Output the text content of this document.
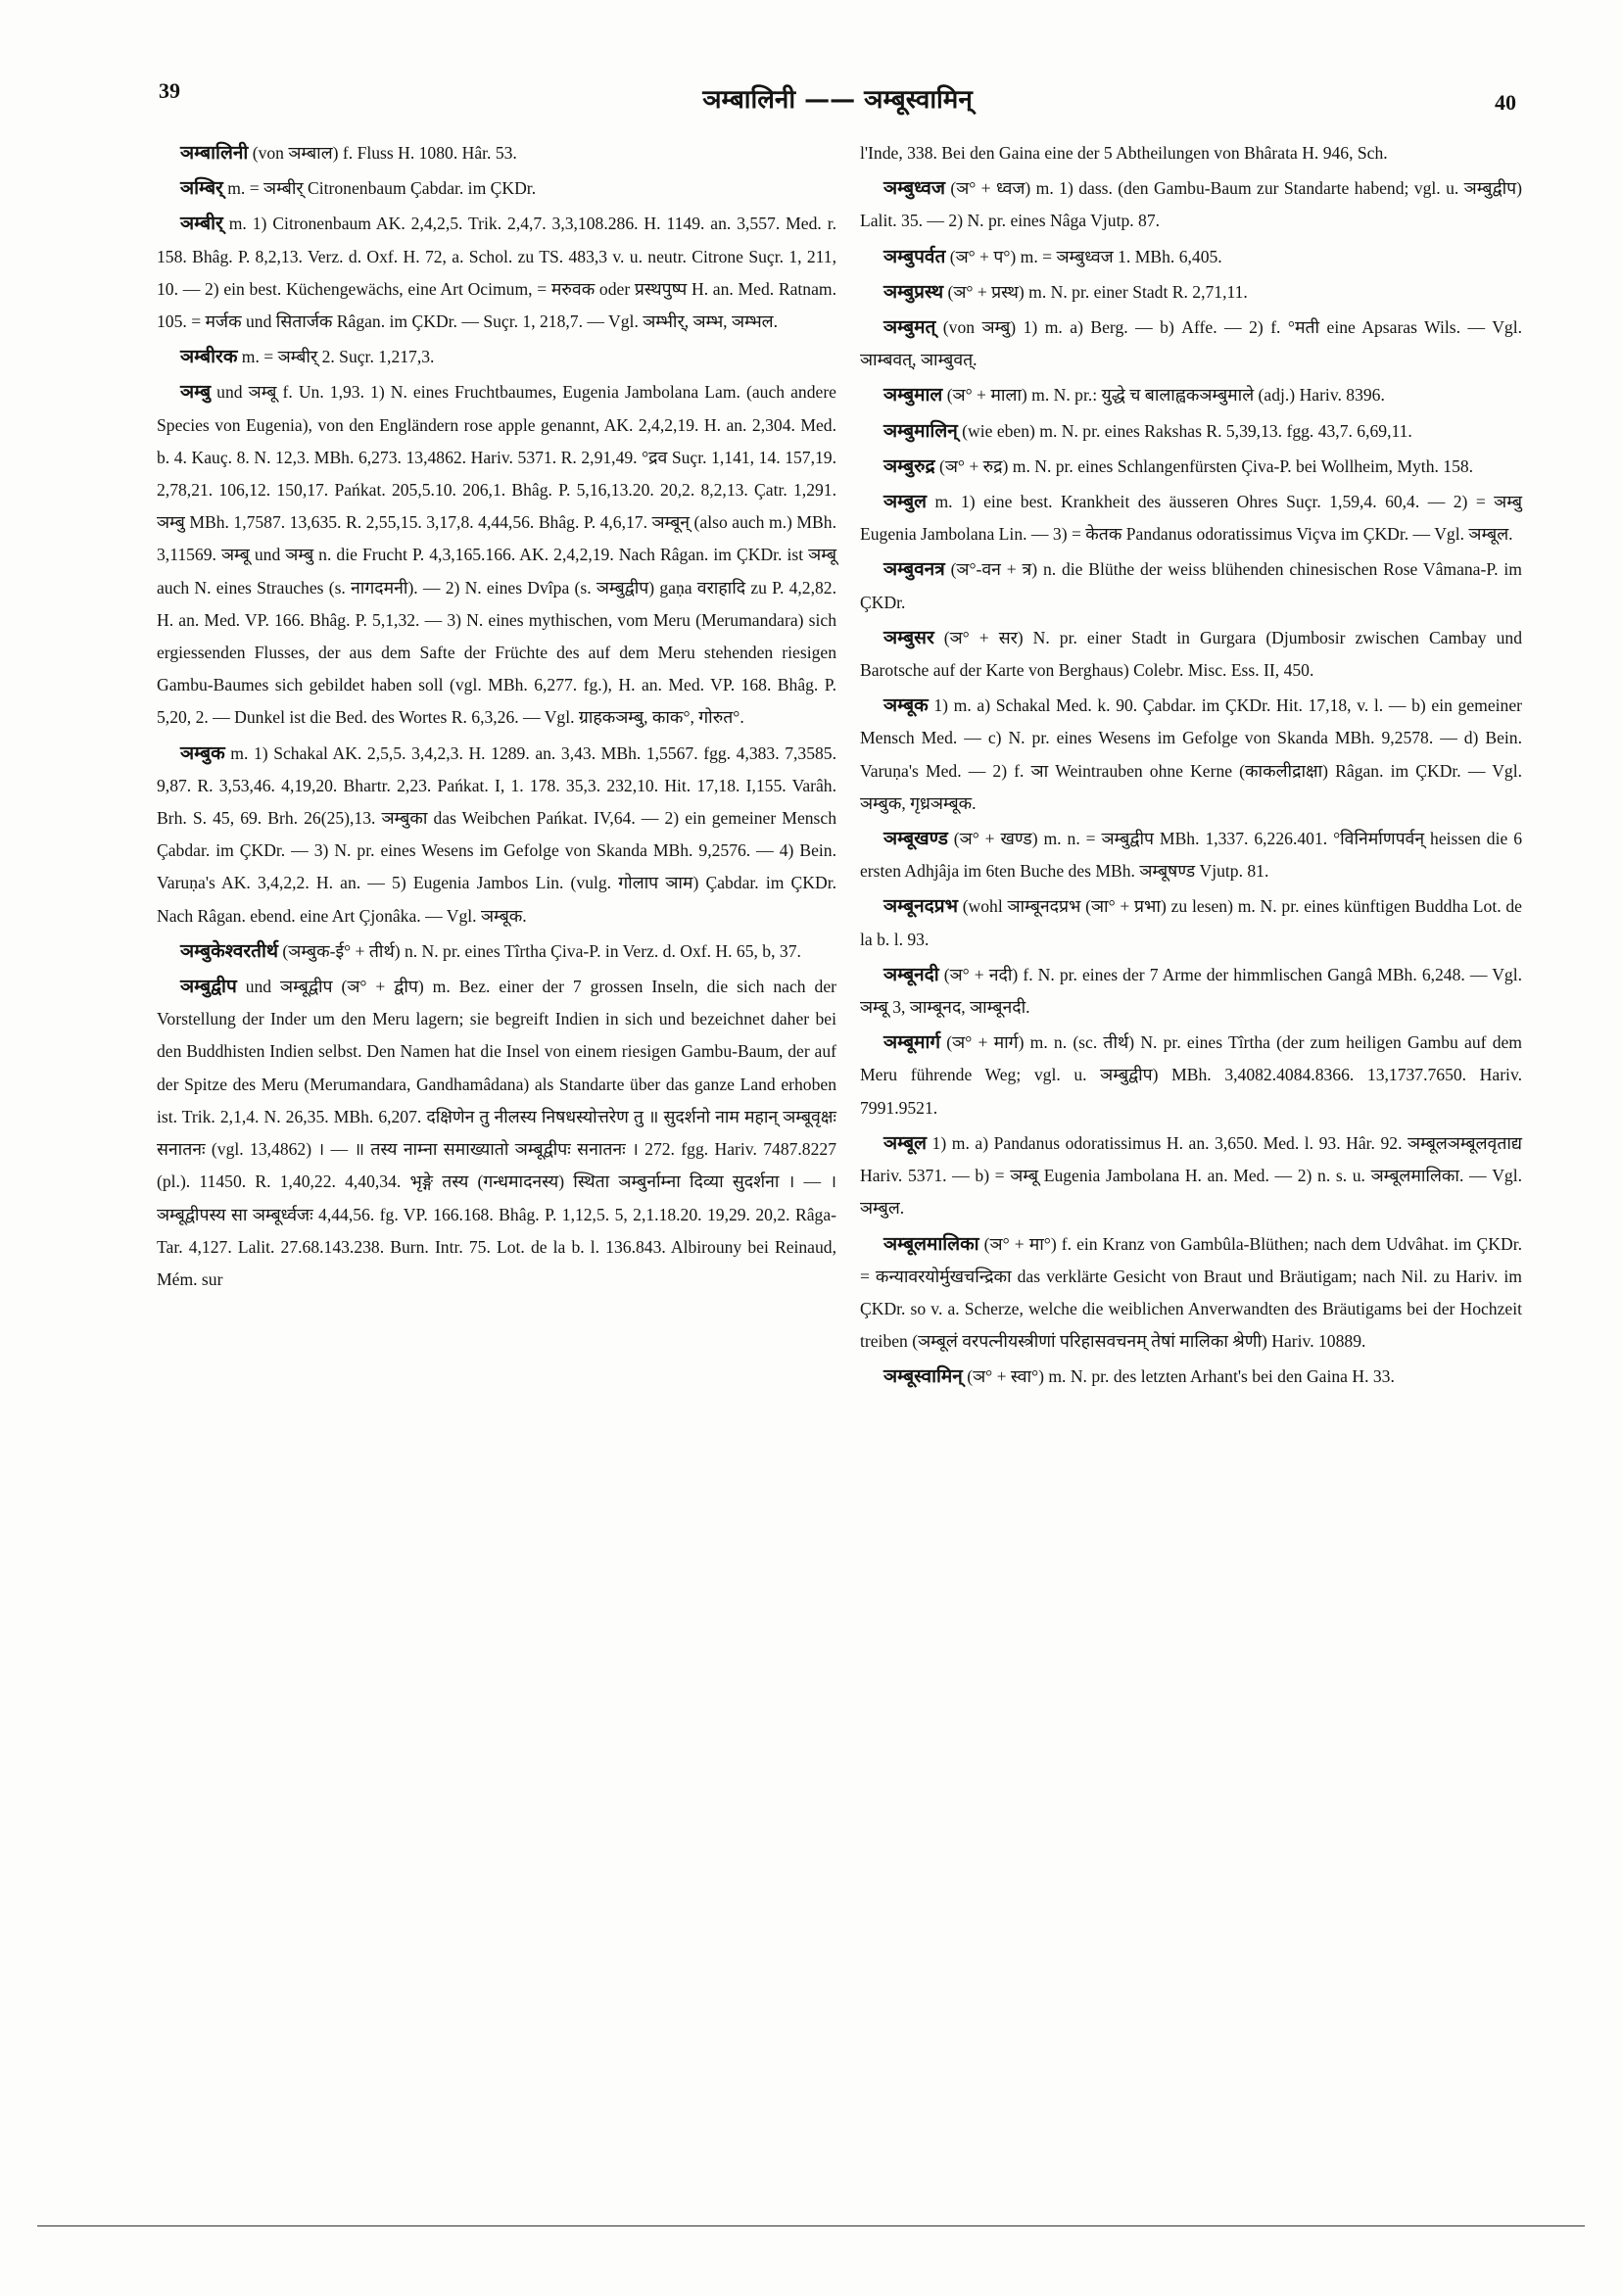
39	ञम्बालिनी —— ञम्बूस्वामिन्	40

ञम्बालिनी (von ञम्बाल) f. Fluss H. 1080. Hâr. 53.

ञम्बिर् m. = ञम्बीर् Citronenbaum Çabdar. im ÇKDr.

ञम्बीर् m. 1) Citronenbaum AK. 2,4,2,5. Trik. 2,4,7. 3,3,108.286. H. 1149. an. 3,557. Med. r. 158. Bhâg. P. 8,2,13. Verz. d. Oxf. H. 72, a. Schol. zu TS. 483,3 v. u. neutr. Citrone Suçr. 1, 211, 10. — 2) ein best. Küchengewächs, eine Art Ocimum, = मरुवक oder प्रस्थपुष्प H. an. Med. Ratnam. 105. = मर्जक und सितार्जक Râgan. im ÇKDr. — Suçr. 1, 218,7. — Vgl. ञम्भीर्, ञम्भ, ञम्भल.

ञम्बीरक m. = ञम्बीर् 2. Suçr. 1,217,3.

ञम्बु und ञम्बू f. Un. 1,93. 1) N. eines Fruchtbaumes, Eugenia Jambolana Lam. (auch andere Species von Eugenia), von den Engländern rose apple genannt, AK. 2,4,2,19. H. an. 2,304. Med. b. 4. Kauç. 8. N. 12,3. MBh. 6,273. 13,4862. Hariv. 5371. R. 2,91,49. °द्रव Suçr. 1,141, 14. 157,19. 2,78,21. 106,12. 150,17. Pańkat. 205,5.10. 206,1. Bhâg. P. 5,16,13.20. 20,2. 8,2,13. Çatr. 1,291. ञम्बु MBh. 1,7587. 13,635. R. 2,55,15. 3,17,8. 4,44,56. Bhâg. P. 4,6,17. ञम्बून् (also auch m.) MBh. 3,11569. ञम्बू und ञम्बु n. die Frucht P. 4,3,165.166. AK. 2,4,2,19. Nach Râgan. im ÇKDr. ist ञम्बू auch N. eines Strauches (s. नागदमनी). — 2) N. eines Dvîpa (s. ञम्बुद्वीप) gaṇa वराहादि zu P. 4,2,82. H. an. Med. VP. 166. Bhâg. P. 5,1,32. — 3) N. eines mythischen, vom Meru (Merumandara) sich ergiessenden Flusses, der aus dem Safte der Früchte des auf dem Meru stehenden riesigen Gambu-Baumes sich gebildet haben soll (vgl. MBh. 6,277. fg.), H. an. Med. VP. 168. Bhâg. P. 5,20, 2. — Dunkel ist die Bed. des Wortes R. 6,3,26. — Vgl. ग्राहकञम्बु, काक°, गोरुत°.

ञम्बुक m. 1) Schakal AK. 2,5,5. 3,4,2,3. H. 1289. an. 3,43. MBh. 1,5567. fgg. 4,383. 7,3585. 9,87. R. 3,53,46. 4,19,20. Bhartr. 2,23. Pańkat. I, 1. 178. 35,3. 232,10. Hit. 17,18. I,155. Varâh. Brh. S. 45, 69. Brh. 26(25),13. ञम्बुका das Weibchen Pańkat. IV,64. — 2) ein gemeiner Mensch Çabdar. im ÇKDr. — 3) N. pr. eines Wesens im Gefolge von Skanda MBh. 9,2576. — 4) Bein. Varuṇa's AK. 3,4,2,2. H. an. — 5) Eugenia Jambos Lin. (vulg. गोलाप ञाम) Çabdar. im ÇKDr. Nach Râgan. ebend. eine Art Çjonâka. — Vgl. ञम्बूक.

ञम्बुकेश्वरतीर्थ (ञम्बुक-ई° + तीर्थ) n. N. pr. eines Tîrtha Çiva-P. in Verz. d. Oxf. H. 65, b, 37.

ञम्बुद्वीप und ञम्बूद्वीप (ञ° + द्वीप) m. Bez. einer der 7 grossen Inseln, die sich nach der Vorstellung der Inder um den Meru lagern; sie begreift Indien in sich und bezeichnet daher bei den Buddhisten Indien selbst. Den Namen hat die Insel von einem riesigen Gambu-Baum, der auf der Spitze des Meru (Merumandara, Gandhamâdana) als Standarte über das ganze Land erhoben ist. Trik. 2,1,4. N. 26,35. MBh. 6,207. दक्षिणेन तु नीलस्य निषधस्योत्तरेण तु ॥ सुदर्शनो नाम महान् ञम्बूवृक्षः सनातनः (vgl. 13,4862) । — ॥ तस्य नाम्ना समाख्यातो ञम्बूद्वीपः सनातनः । 272. fgg. Hariv. 7487.8227 (pl.). 11450. R. 1,40,22. 4,40,34. भृङ्गे तस्य (गन्धमादनस्य) स्थिता ञम्बुर्नाम्ना दिव्या सुदर्शना । — । ञम्बूद्वीपस्य सा ञम्बूर्ध्वजः 4,44,56. fg. VP. 166.168. Bhâg. P. 1,12,5. 5, 2,1.18.20. 19,29. 20,2. Râga-Tar. 4,127. Lalit. 27.68.143.238. Burn. Intr. 75. Lot. de la b. l. 136.843. Albirouny bei Reinaud, Mém. sur

l'Inde, 338. Bei den Gaina eine der 5 Abtheilungen von Bhârata H. 946, Sch.

ञम्बुध्वज (ञ° + ध्वज) m. 1) dass. (den Gambu-Baum zur Standarte habend; vgl. u. ञम्बुद्वीप) Lalit. 35. — 2) N. pr. eines Nâga Vjutp. 87.

ञम्बुपर्वत (ञ° + प°) m. = ञम्बुध्वज 1. MBh. 6,405.

ञम्बुप्रस्थ (ञ° + प्रस्थ) m. N. pr. einer Stadt R. 2,71,11.

ञम्बुमत् (von ञम्बु) 1) m. a) Berg. — b) Affe. — 2) f. °मती eine Apsaras Wils. — Vgl. ञाम्बवत्, ञाम्बुवत्.

ञम्बुमाल (ञ° + माला) m. N. pr.: युद्धे च बालाह्वकञम्बुमाले (adj.) Hariv. 8396.

ञम्बुमालिन् (wie eben) m. N. pr. eines Rakshas R. 5,39,13. fgg. 43,7. 6,69,11.

ञम्बुरुद्र (ञ° + रुद्र) m. N. pr. eines Schlangenfürsten Çiva-P. bei Wollheim, Myth. 158.

ञम्बुल m. 1) eine best. Krankheit des äusseren Ohres Suçr. 1,59,4. 60,4. — 2) = ञम्बु Eugenia Jambolana Lin. — 3) = केतक Pandanus odoratissimus Viçva im ÇKDr. — Vgl. ञम्बूल.

ञम्बुवनत्र (ञ°-वन + त्र) n. die Blüthe der weiss blühenden chinesischen Rose Vâmana-P. im ÇKDr.

ञम्बुसर (ञ° + सर) N. pr. einer Stadt in Gurgara (Djumbosir zwischen Cambay und Barotsche auf der Karte von Berghaus) Colebr. Misc. Ess. II, 450.

ञम्बूक 1) m. a) Schakal Med. k. 90. Çabdar. im ÇKDr. Hit. 17,18, v. l. — b) ein gemeiner Mensch Med. — c) N. pr. eines Wesens im Gefolge von Skanda MBh. 9,2578. — d) Bein. Varuṇa's Med. — 2) f. ञा Weintrauben ohne Kerne (काकलीद्राक्षा) Râgan. im ÇKDr. — Vgl. ञम्बुक, गृध्रञम्बूक.

ञम्बूखण्ड (ञ° + खण्ड) m. n. = ञम्बुद्वीप MBh. 1,337. 6,226.401. °विनिर्माणपर्वन् heissen die 6 ersten Adhjâja im 6ten Buche des MBh. ञम्बूषण्ड Vjutp. 81.

ञम्बूनदप्रभ (wohl ञाम्बूनदप्रभ (ञा° + प्रभा) zu lesen) m. N. pr. eines künftigen Buddha Lot. de la b. l. 93.

ञम्बूनदी (ञ° + नदी) f. N. pr. eines der 7 Arme der himmlischen Gangâ MBh. 6,248. — Vgl. ञम्बू 3, ञाम्बूनद, ञाम्बूनदी.

ञम्बूमार्ग (ञ° + मार्ग) m. n. (sc. तीर्थ) N. pr. eines Tîrtha (der zum heiligen Gambu auf dem Meru führende Weg; vgl. u. ञम्बुद्वीप) MBh. 3,4082.4084.8366. 13,1737.7650. Hariv. 7991.9521.

ञम्बूल 1) m. a) Pandanus odoratissimus H. an. 3,650. Med. l. 93. Hâr. 92. ञम्बूलञम्बूलवृताद्य Hariv. 5371. — b) = ञम्बू Eugenia Jambolana H. an. Med. — 2) n. s. u. ञम्बूलमालिका. — Vgl. ञम्बुल.

ञम्बूलमालिका (ञ° + मा°) f. ein Kranz von Gambûla-Blüthen; nach dem Udvâhat. im ÇKDr. = कन्यावरयोर्मुखचन्द्रिका das verklärte Gesicht von Braut und Bräutigam; nach Nil. zu Hariv. im ÇKDr. so v. a. Scherze, welche die weiblichen Anverwandten des Bräutigams bei der Hochzeit treiben (ञम्बूलं वरपत्नीयस्त्रीणां परिहासवचनम् तेषां मालिका श्रेणी) Hariv. 10889.

ञम्बूस्वामिन् (ञ° + स्वा°) m. N. pr. des letzten Arhant's bei den Gaina H. 33.
